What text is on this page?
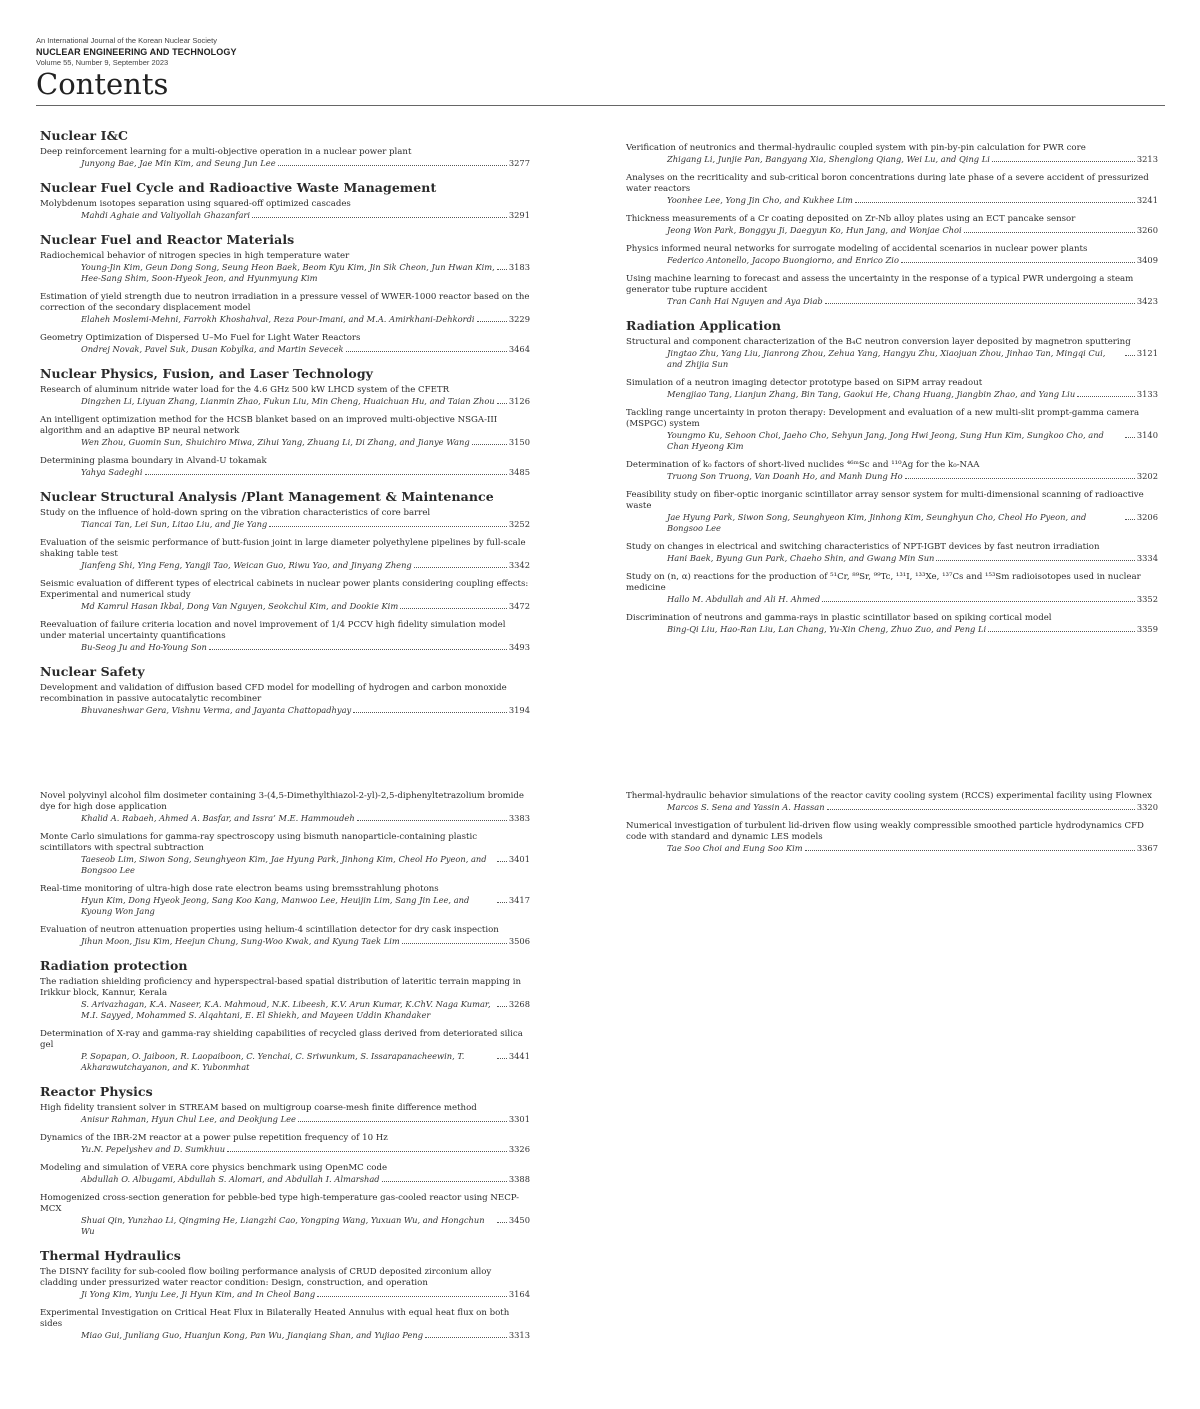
An International Journal of the Korean Nuclear Society
NUCLEAR ENGINEERING AND TECHNOLOGY
Volume 55, Number 9, September 2023
Contents
Nuclear I&C
Deep reinforcement learning for a multi-objective operation in a nuclear power plant
Junyong Bae, Jae Min Kim, and Seung Jun Lee	3277
Nuclear Fuel Cycle and Radioactive Waste Management
Molybdenum isotopes separation using squared-off optimized cascades
Mahdi Aghaie and Valiyollah Ghazanfari	3291
Nuclear Fuel and Reactor Materials
Radiochemical behavior of nitrogen species in high temperature water
Young-Jin Kim, Geun Dong Song, Seung Heon Baek, Beom Kyu Kim, Jin Sik Cheon, Jun Hwan Kim, Hee-Sang Shim, Soon-Hyeok Jeon, and Hyunmyung Kim
3183
Estimation of yield strength due to neutron irradiation in a pressure vessel of WWER-1000 reactor based on the correction of the secondary displacement model
Elaheh Moslemi-Mehni, Farrokh Khoshahval, Reza Pour-Imani, and M.A. Amirkhani-Dehkordi	3229
Geometry Optimization of Dispersed U–Mo Fuel for Light Water Reactors
Ondrej Novak, Pavel Suk, Dusan Kobylka, and Martin Sevecek	3464
Nuclear Physics, Fusion, and Laser Technology
Research of aluminum nitride water load for the 4.6 GHz 500 kW LHCD system of the CFETR
Dingzhen Li, Liyuan Zhang, Lianmin Zhao, Fukun Liu, Min Cheng, Huaichuan Hu, and Taian Zhou 3126
An intelligent optimization method for the HCSB blanket based on an improved multi-objective NSGA-III algorithm and an adaptive BP neural network
Wen Zhou, Guomin Sun, Shuichiro Miwa, Zihui Yang, Zhuang Li, Di Zhang, and Jianye Wang	3150
Determining plasma boundary in Alvand-U tokamak
Yahya Sadeghi	3485
Nuclear Structural Analysis /Plant Management & Maintenance
Study on the influence of hold-down spring on the vibration characteristics of core barrel
Tiancai Tan, Lei Sun, Litao Liu, and Jie Yang	3252
Evaluation of the seismic performance of butt-fusion joint in large diameter polyethylene pipelines by full-scale shaking table test
Jianfeng Shi, Ying Feng, Yangji Tao, Weican Guo, Riwu Yao, and Jinyang Zheng	3342
Seismic evaluation of different types of electrical cabinets in nuclear power plants considering coupling effects: Experimental and numerical study
Md Kamrul Hasan Ikbal, Dong Van Nguyen, Seokchul Kim, and Dookie Kim	3472
Reevaluation of failure criteria location and novel improvement of 1/4 PCCV high fidelity simulation model under material uncertainty quantifications
Bu-Seog Ju and Ho-Young Son	3493
Nuclear Safety
Development and validation of diffusion based CFD model for modelling of hydrogen and carbon monoxide recombination in passive autocatalytic recombiner
Bhuvaneshwar Gera, Vishnu Verma, and Jayanta Chattopadhyay	3194
Verification of neutronics and thermal-hydraulic coupled system with pin-by-pin calculation for PWR core
Zhigang Li, Junjie Pan, Bangyang Xia, Shenglong Qiang, Wei Lu, and Qing Li	3213
Analyses on the recriticality and sub-critical boron concentrations during late phase of a severe accident of pressurized water reactors
Yoonhee Lee, Yong Jin Cho, and Kukhee Lim	3241
Thickness measurements of a Cr coating deposited on Zr-Nb alloy plates using an ECT pancake sensor
Jeong Won Park, Bonggyu Ji, Daegyun Ko, Hun Jang, and Wonjae Choi	3260
Physics informed neural networks for surrogate modeling of accidental scenarios in nuclear power plants
Federico Antonello, Jacopo Buongiorno, and Enrico Zio	3409
Using machine learning to forecast and assess the uncertainty in the response of a typical PWR undergoing a steam generator tube rupture accident
Tran Canh Hai Nguyen and Aya Diab	3423
Radiation Application
Structural and component characterization of the B₄C neutron conversion layer deposited by magnetron sputtering
Jingtao Zhu, Yang Liu, Jianrong Zhou, Zehua Yang, Hangyu Zhu, Xiaojuan Zhou, Jinhao Tan, Mingqi Cui, and Zhijia Sun
3121
Simulation of a neutron imaging detector prototype based on SiPM array readout
Mengjiao Tang, Lianjun Zhang, Bin Tang, Gaokui He, Chang Huang, Jiangbin Zhao, and Yang Liu	3133
Tackling range uncertainty in proton therapy: Development and evaluation of a new multi-slit prompt-gamma camera (MSPGC) system
Youngmo Ku, Sehoon Choi, Jaeho Cho, Sehyun Jang, Jong Hwi Jeong, Sung Hun Kim, Sungkoo Cho, and Chan Hyeong Kim
3140
Determination of k₀ factors of short-lived nuclides ⁴⁶ᵐSc and ¹¹⁰Ag for the k₀-NAA
Truong Son Truong, Van Doanh Ho, and Manh Dung Ho	3202
Feasibility study on fiber-optic inorganic scintillator array sensor system for multi-dimensional scanning of radioactive waste
Jae Hyung Park, Siwon Song, Seunghyeon Kim, Jinhong Kim, Seunghyun Cho, Cheol Ho Pyeon, and Bongsoo Lee
3206
Study on changes in electrical and switching characteristics of NPT-IGBT devices by fast neutron irradiation
Hani Baek, Byung Gun Park, Chaeho Shin, and Gwang Min Sun	3334
Study on (n, α) reactions for the production of ⁵¹Cr, ⁸⁹Sr, ⁹⁹Tc, ¹³¹I, ¹³³Xe, ¹³⁷Cs and ¹⁵³Sm radioisotopes used in nuclear medicine
Hallo M. Abdullah and Ali H. Ahmed	3352
Discrimination of neutrons and gamma-rays in plastic scintillator based on spiking cortical model
Bing-Qi Liu, Hao-Ran Liu, Lan Chang, Yu-Xin Cheng, Zhuo Zuo, and Peng Li	3359
Novel polyvinyl alcohol film dosimeter containing 3-(4,5-Dimethylthiazol-2-yl)-2,5-diphenyltetrazolium bromide dye for high dose application
Khalid A. Rabaeh, Ahmed A. Basfar, and Issra’ M.E. Hammoudeh	3383
Monte Carlo simulations for gamma-ray spectroscopy using bismuth nanoparticle-containing plastic scintillators with spectral subtraction
Taeseob Lim, Siwon Song, Seunghyeon Kim, Jae Hyung Park, Jinhong Kim, Cheol Ho Pyeon, and Bongsoo Lee
3401
Real-time monitoring of ultra-high dose rate electron beams using bremsstrahlung photons
Hyun Kim, Dong Hyeok Jeong, Sang Koo Kang, Manwoo Lee, Heuijin Lim, Sang Jin Lee, and Kyoung Won Jang
3417
Evaluation of neutron attenuation properties using helium-4 scintillation detector for dry cask inspection
Jihun Moon, Jisu Kim, Heejun Chung, Sung-Woo Kwak, and Kyung Taek Lim	3506
Radiation protection
The radiation shielding proficiency and hyperspectral-based spatial distribution of lateritic terrain mapping in Irikkur block, Kannur, Kerala
S. Arivazhagan, K.A. Naseer, K.A. Mahmoud, N.K. Libeesh, K.V. Arun Kumar, K.ChV. Naga Kumar, M.I. Sayyed, Mohammed S. Alqahtani, E. El Shiekh, and Mayeen Uddin Khandaker
3268
Determination of X-ray and gamma-ray shielding capabilities of recycled glass derived from deteriorated silica gel
P. Sopapan, O. Jaiboon, R. Laopaiboon, C. Yenchai, C. Sriwunkum, S. Issarapanacheewin, T. Akharawutchayanon, and K. Yubonmhat
3441
Reactor Physics
High fidelity transient solver in STREAM based on multigroup coarse-mesh finite difference method
Anisur Rahman, Hyun Chul Lee, and Deokjung Lee	3301
Dynamics of the IBR-2M reactor at a power pulse repetition frequency of 10 Hz
Yu.N. Pepelyshev and D. Sumkhuu	3326
Modeling and simulation of VERA core physics benchmark using OpenMC code
Abdullah O. Albugami, Abdullah S. Alomari, and Abdullah I. Almarshad	3388
Homogenized cross-section generation for pebble-bed type high-temperature gas-cooled reactor using NECP-MCX
Shuai Qin, Yunzhao Li, Qingming He, Liangzhi Cao, Yongping Wang, Yuxuan Wu, and Hongchun Wu
3450
Thermal Hydraulics
The DISNY facility for sub-cooled flow boiling performance analysis of CRUD deposited zirconium alloy cladding under pressurized water reactor condition: Design, construction, and operation
Ji Yong Kim, Yunju Lee, Ji Hyun Kim, and In Cheol Bang	3164
Experimental Investigation on Critical Heat Flux in Bilaterally Heated Annulus with equal heat flux on both sides
Miao Gui, Junliang Guo, Huanjun Kong, Pan Wu, Jianqiang Shan, and Yujiao Peng	3313
Thermal-hydraulic behavior simulations of the reactor cavity cooling system (RCCS) experimental facility using Flownex
Marcos S. Sena and Yassin A. Hassan	3320
Numerical investigation of turbulent lid-driven flow using weakly compressible smoothed particle hydrodynamics CFD code with standard and dynamic LES models
Tae Soo Choi and Eung Soo Kim	3367
